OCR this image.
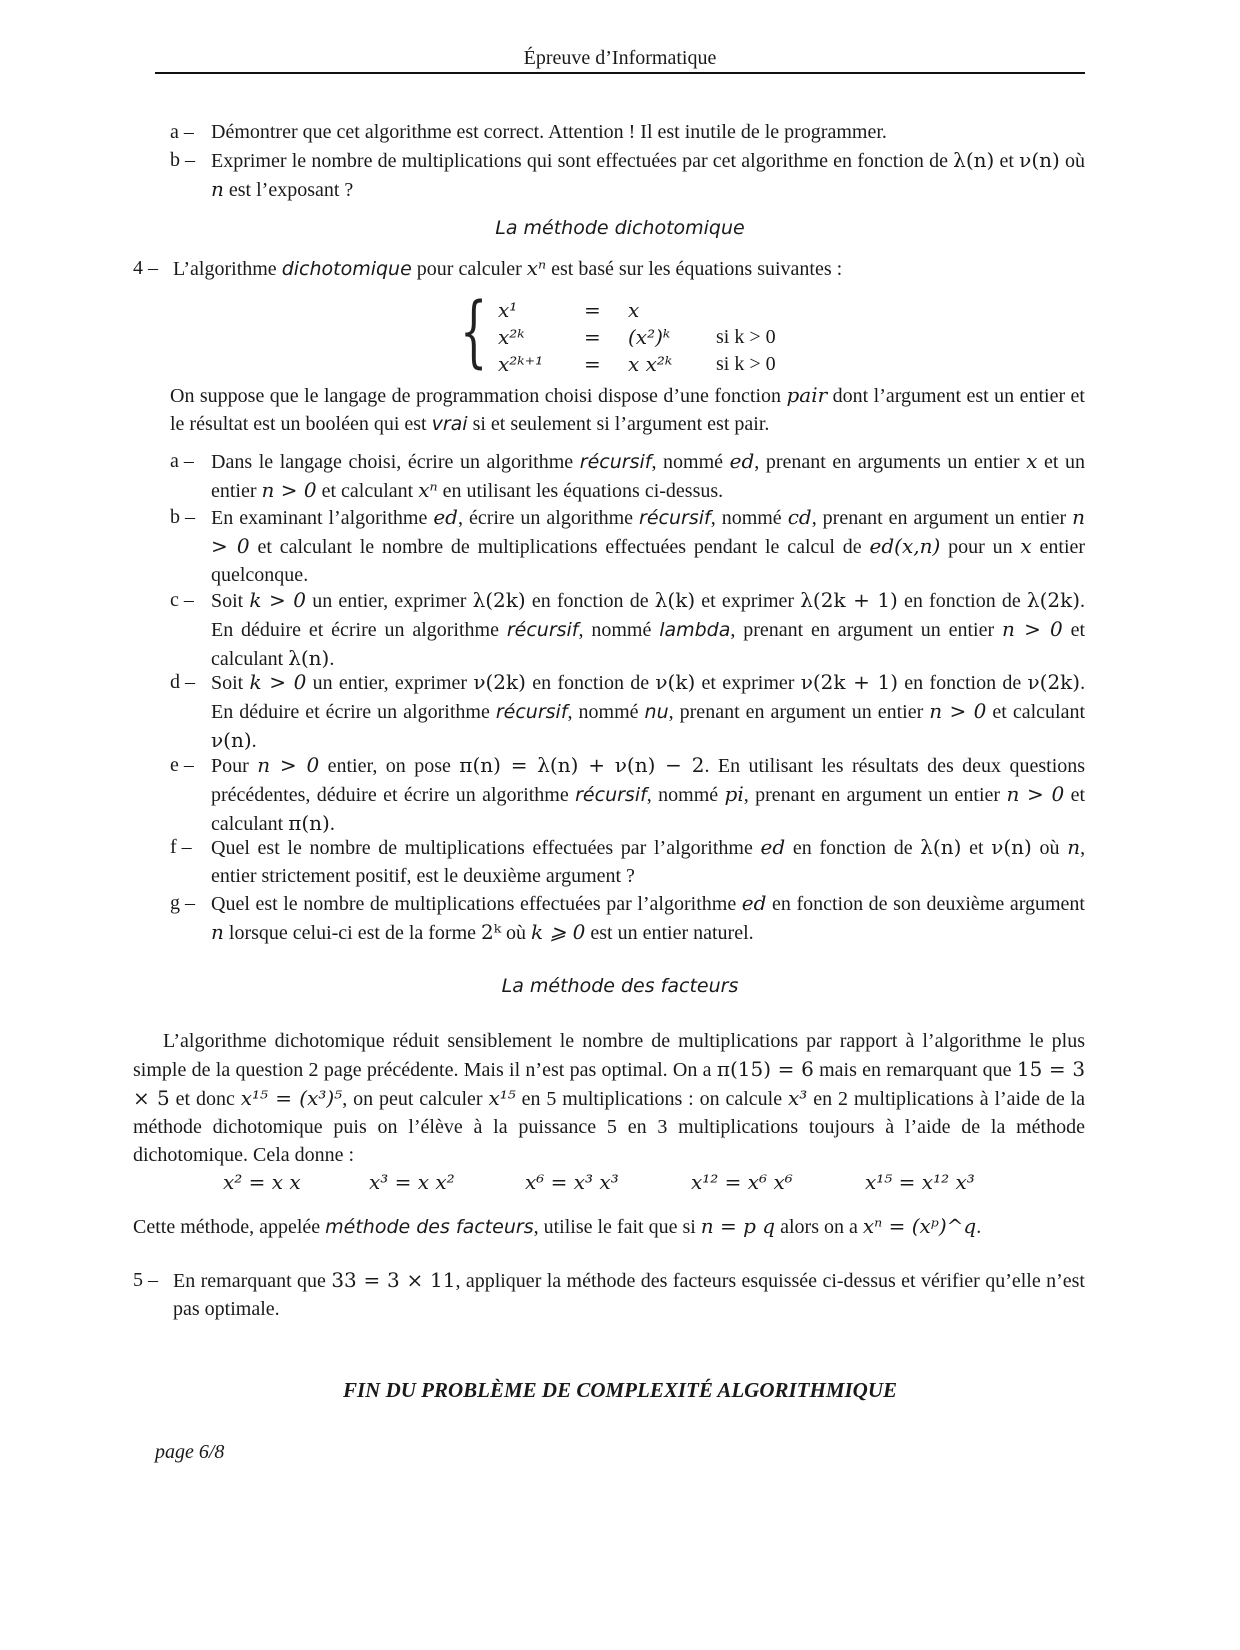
Épreuve d’Informatique
a – Démontrer que cet algorithme est correct. Attention ! Il est inutile de le programmer.
b – Exprimer le nombre de multiplications qui sont effectuées par cet algorithme en fonction de λ(n) et ν(n) où n est l’exposant ?
La méthode dichotomique
4 – L’algorithme dichotomique pour calculer xⁿ est basé sur les équations suivantes :
{ x¹	= x
x²ᵏ	= (x²)ᵏ si k > 0
x²ᵏ⁺¹ = x x²ᵏ si k > 0
On suppose que le langage de programmation choisi dispose d’une fonction pair dont l’argument est un entier et le résultat est un booléen qui est vrai si et seulement si l’argument est pair.
a – Dans le langage choisi, écrire un algorithme récursif, nommé ed, prenant en arguments un entier x et un entier n > 0 et calculant xⁿ en utilisant les équations ci-dessus.
b – En examinant l’algorithme ed, écrire un algorithme récursif, nommé cd, prenant en argument un entier n > 0 et calculant le nombre de multiplications effectuées pendant le calcul de ed(x,n) pour un x entier quelconque.
c – Soit k > 0 un entier, exprimer λ(2k) en fonction de λ(k) et exprimer λ(2k + 1) en fonction de λ(2k). En déduire et écrire un algorithme récursif, nommé lambda, prenant en argument un entier n > 0 et calculant λ(n).
d – Soit k > 0 un entier, exprimer ν(2k) en fonction de ν(k) et exprimer ν(2k + 1) en fonction de ν(2k). En déduire et écrire un algorithme récursif, nommé nu, prenant en argument un entier n > 0 et calculant ν(n).
e – Pour n > 0 entier, on pose π(n) = λ(n) + ν(n) − 2. En utilisant les résultats des deux questions précédentes, déduire et écrire un algorithme récursif, nommé pi, prenant en argument un entier n > 0 et calculant π(n).
f – Quel est le nombre de multiplications effectuées par l’algorithme ed en fonction de λ(n) et ν(n) où n, entier strictement positif, est le deuxième argument ?
g – Quel est le nombre de multiplications effectuées par l’algorithme ed en fonction de son deuxième argument n lorsque celui-ci est de la forme 2ᵏ où k ⩾ 0 est un entier naturel.
La méthode des facteurs
L’algorithme dichotomique réduit sensiblement le nombre de multiplications par rapport à l’algorithme le plus simple de la question 2 page précédente. Mais il n’est pas optimal. On a π(15) = 6 mais en remarquant que 15 = 3 × 5 et donc x¹⁵ = (x³)⁵, on peut calculer x¹⁵ en 5 multiplications : on calcule x³ en 2 multiplications à l’aide de la méthode dichotomique puis on l’élève à la puissance 5 en 3 multiplications toujours à l’aide de la méthode dichotomique. Cela donne :
x² = x x	x³ = x x²	x⁶ = x³ x³	x¹² = x⁶ x⁶	x¹⁵ = x¹² x³
Cette méthode, appelée méthode des facteurs, utilise le fait que si n = p q alors on a xⁿ = (xᵖ)^q.
5 – En remarquant que 33 = 3 × 11, appliquer la méthode des facteurs esquissée ci-dessus et vérifier qu’elle n’est pas optimale.
FIN DU PROBLÈME DE COMPLEXITÉ ALGORITHMIQUE
page 6/8
